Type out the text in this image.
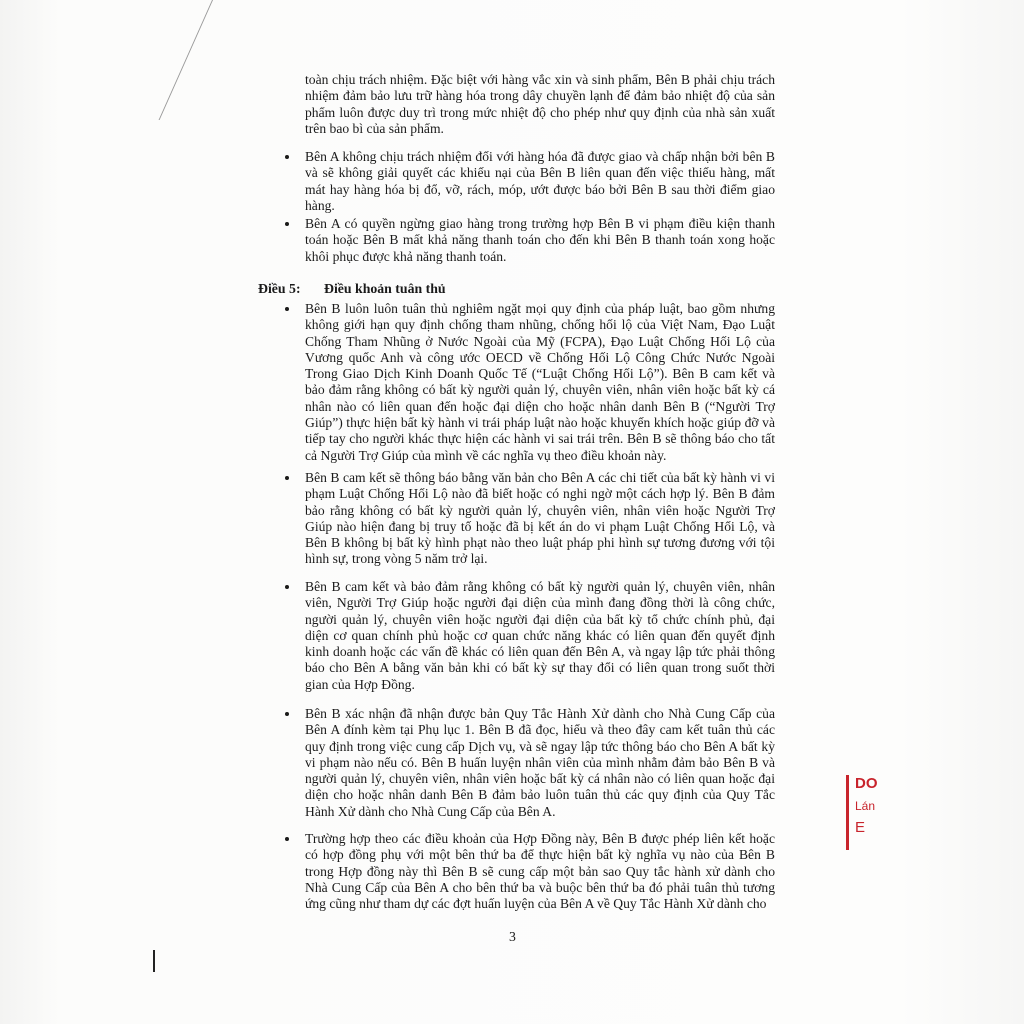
toàn chịu trách nhiệm. Đặc biệt với hàng vắc xin và sinh phẩm, Bên B phải chịu trách nhiệm đảm bảo lưu trữ hàng hóa trong dây chuyền lạnh để đảm bảo nhiệt độ của sản phẩm luôn được duy trì trong mức nhiệt độ cho phép như quy định của nhà sản xuất trên bao bì của sản phẩm.
Bên A không chịu trách nhiệm đối với hàng hóa đã được giao và chấp nhận bởi bên B và sẽ không giải quyết các khiếu nại của Bên B liên quan đến việc thiếu hàng, mất mát hay hàng hóa bị đổ, vỡ, rách, móp, ướt được báo bởi Bên B sau thời điểm giao hàng.
Bên A có quyền ngừng giao hàng trong trường hợp Bên B vi phạm điều kiện thanh toán hoặc Bên B mất khả năng thanh toán cho đến khi Bên B thanh toán xong hoặc khôi phục được khả năng thanh toán.
Điều 5: Điều khoản tuân thủ
Bên B luôn luôn tuân thủ nghiêm ngặt mọi quy định của pháp luật, bao gồm nhưng không giới hạn quy định chống tham nhũng, chống hối lộ của Việt Nam, Đạo Luật Chống Tham Nhũng ở Nước Ngoài của Mỹ (FCPA), Đạo Luật Chống Hối Lộ của Vương quốc Anh và công ước OECD về Chống Hối Lộ Công Chức Nước Ngoài Trong Giao Dịch Kinh Doanh Quốc Tế (“Luật Chống Hối Lộ”). Bên B cam kết và bảo đảm rằng không có bất kỳ người quản lý, chuyên viên, nhân viên hoặc bất kỳ cá nhân nào có liên quan đến hoặc đại diện cho hoặc nhân danh Bên B (“Người Trợ Giúp”) thực hiện bất kỳ hành vi trái pháp luật nào hoặc khuyến khích hoặc giúp đỡ và tiếp tay cho người khác thực hiện các hành vi sai trái trên. Bên B sẽ thông báo cho tất cả Người Trợ Giúp của mình về các nghĩa vụ theo điều khoản này.
Bên B cam kết sẽ thông báo bằng văn bản cho Bên A các chi tiết của bất kỳ hành vi vi phạm Luật Chống Hối Lộ nào đã biết hoặc có nghi ngờ một cách hợp lý. Bên B đảm bảo rằng không có bất kỳ người quản lý, chuyên viên, nhân viên hoặc Người Trợ Giúp nào hiện đang bị truy tố hoặc đã bị kết án do vi phạm Luật Chống Hối Lộ, và Bên B không bị bất kỳ hình phạt nào theo luật pháp phi hình sự tương đương với tội hình sự, trong vòng 5 năm trở lại.
Bên B cam kết và bảo đảm rằng không có bất kỳ người quản lý, chuyên viên, nhân viên, Người Trợ Giúp hoặc người đại diện của mình đang đồng thời là công chức, người quản lý, chuyên viên hoặc người đại diện của bất kỳ tổ chức chính phủ, đại diện cơ quan chính phủ hoặc cơ quan chức năng khác có liên quan đến quyết định kinh doanh hoặc các vấn đề khác có liên quan đến Bên A, và ngay lập tức phải thông báo cho Bên A bằng văn bản khi có bất kỳ sự thay đổi có liên quan trong suốt thời gian của Hợp Đồng.
Bên B xác nhận đã nhận được bản Quy Tắc Hành Xử dành cho Nhà Cung Cấp của Bên A đính kèm tại Phụ lục 1. Bên B đã đọc, hiểu và theo đây cam kết tuân thủ các quy định trong việc cung cấp Dịch vụ, và sẽ ngay lập tức thông báo cho Bên A bất kỳ vi phạm nào nếu có. Bên B huấn luyện nhân viên của mình nhằm đảm bảo Bên B và người quản lý, chuyên viên, nhân viên hoặc bất kỳ cá nhân nào có liên quan hoặc đại diện cho hoặc nhân danh Bên B đảm bảo luôn tuân thủ các quy định của Quy Tắc Hành Xử dành cho Nhà Cung Cấp của Bên A.
Trường hợp theo các điều khoản của Hợp Đồng này, Bên B được phép liên kết hoặc có hợp đồng phụ với một bên thứ ba để thực hiện bất kỳ nghĩa vụ nào của Bên B trong Hợp đồng này thì Bên B sẽ cung cấp một bản sao Quy tắc hành xử dành cho Nhà Cung Cấp của Bên A cho bên thứ ba và buộc bên thứ ba đó phải tuân thủ tương ứng cũng như tham dự các đợt huấn luyện của Bên A về Quy Tắc Hành Xử dành cho
3
DO
Lán
E
